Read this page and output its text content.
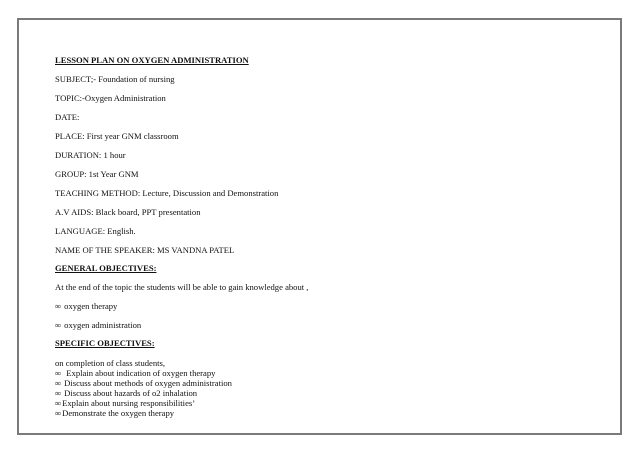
LESSON PLAN ON OXYGEN ADMINISTRATION
SUBJECT;- Foundation of nursing
TOPIC:-Oxygen Administration
DATE:
PLACE: First year GNM classroom
DURATION: 1 hour
GROUP: 1st Year GNM
TEACHING METHOD: Lecture, Discussion and Demonstration
A.V AIDS: Black board, PPT presentation
LANGUAGE: English.
NAME OF THE SPEAKER: MS VANDNA PATEL
GENERAL OBJECTIVES:
At the end of the topic the students will be able to gain knowledge about ,
∞ oxygen therapy
∞ oxygen administration
SPECIFIC OBJECTIVES:
on completion of class students,
∞ Explain about indication of oxygen therapy
∞ Discuss about methods of oxygen administration
∞ Discuss about hazards of o2 inhalation
∞Explain about nursing responsibilities’
∞Demonstrate the oxygen therapy
